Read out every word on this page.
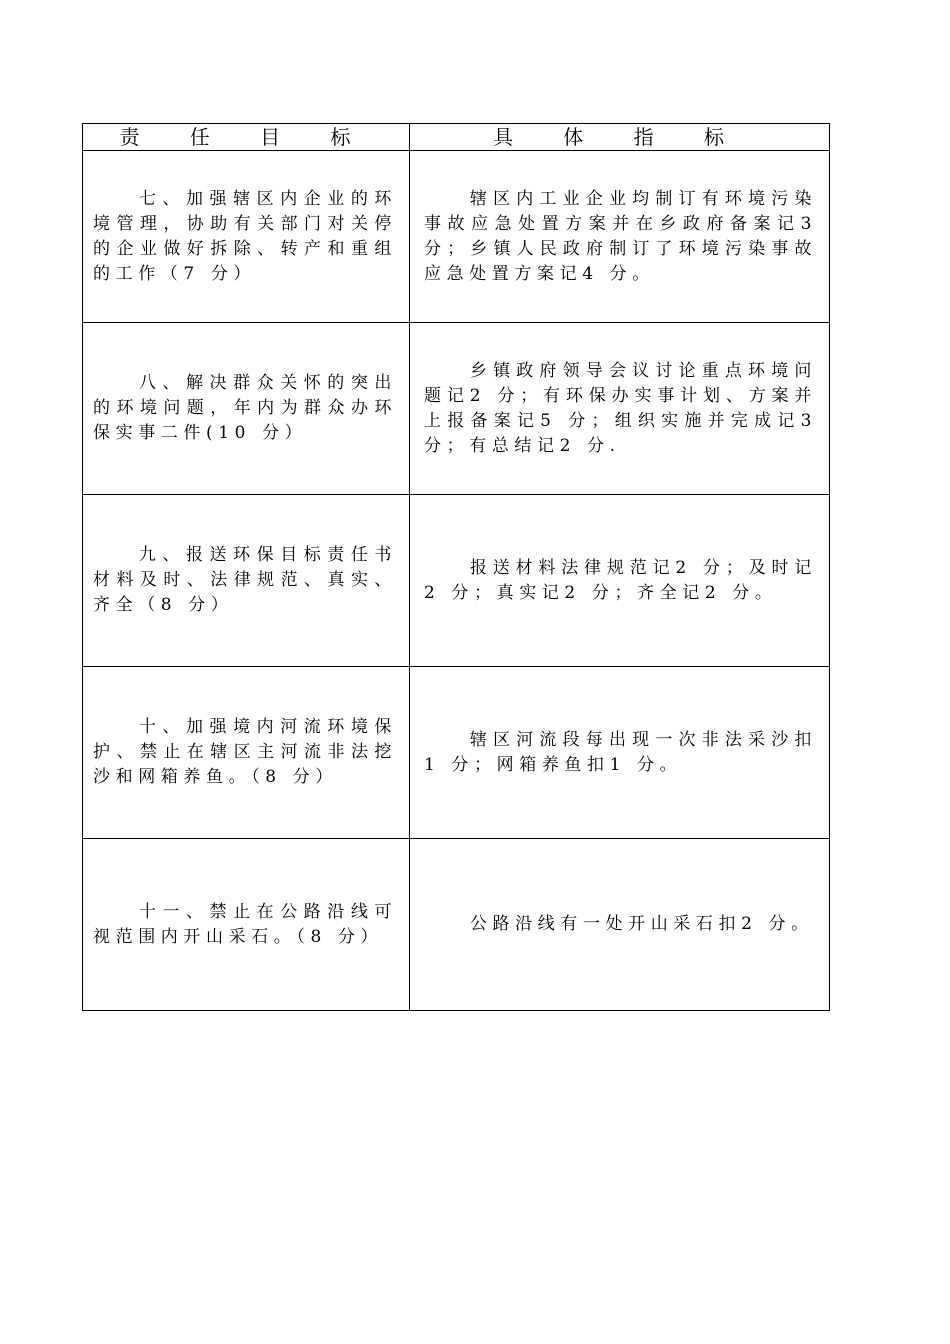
责 任 目 标	具 体 指 标

七、加强辖区内企业的环境管理，协助有关部门对关停的企业做好拆除、转产和重组的工作（7 分）	辖区内工业企业均制订有环境污染事故应急处置方案并在乡政府备案记3 分；乡镇人民政府制订了环境污染事故应急处置方案记4 分。

八、解决群众关怀的突出的环境问题，年内为群众办环保实事二件(10 分）	乡镇政府领导会议讨论重点环境问题记2 分；有环保办实事计划、方案并上报备案记5 分；组织实施并完成记3 分；有总结记2 分.

九、报送环保目标责任书材料及时、法律规范、真实、齐全（8 分）	报送材料法律规范记2 分；及时记2 分；真实记2 分；齐全记2 分。

十、加强境内河流环境保护、禁止在辖区主河流非法挖沙和网箱养鱼。（8 分）	辖区河流段每出现一次非法采沙扣1 分；网箱养鱼扣1 分。

十一、禁止在公路沿线可视范围内开山采石。（8 分）	公路沿线有一处开山采石扣2 分。
